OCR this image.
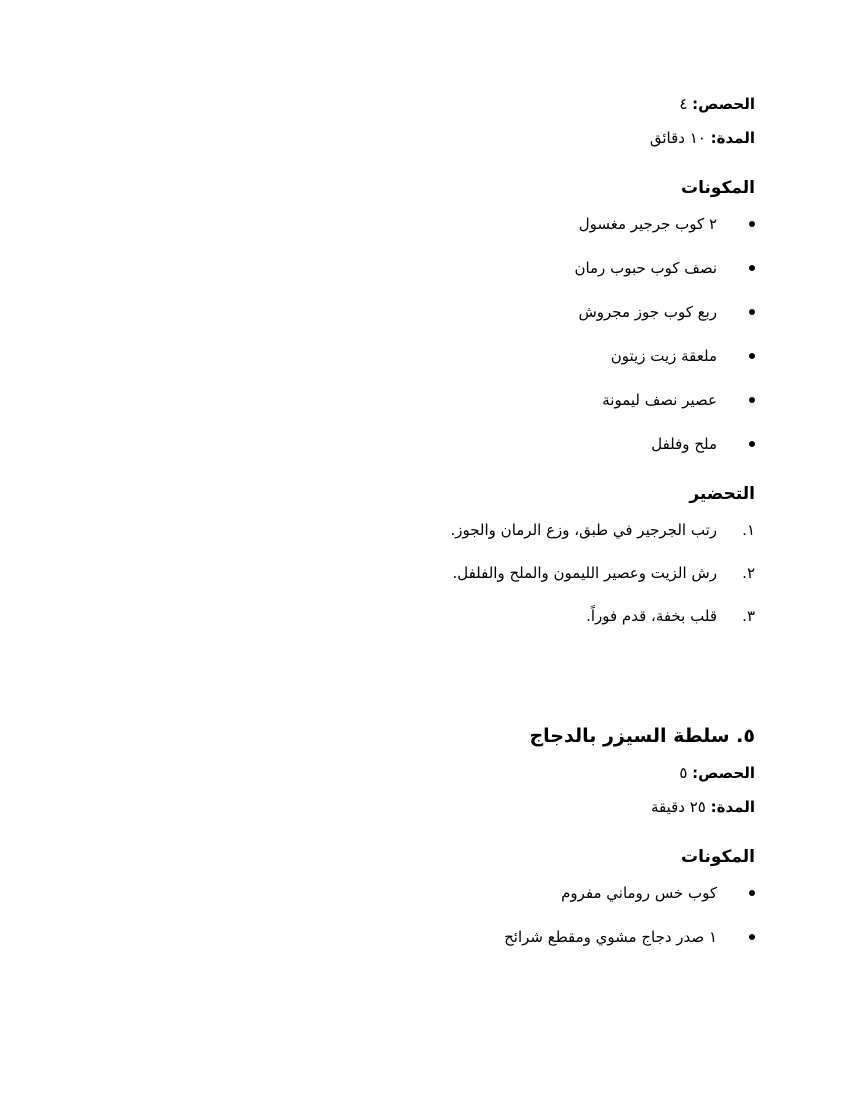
الحصص: ٤
المدة: ١٠ دقائق
المكونات
٢ كوب جرجير مغسول
نصف كوب حبوب رمان
ربع كوب جوز مجروش
ملعقة زيت زيتون
عصير نصف ليمونة
ملح وفلفل
التحضير
١.
رتب الجرجير في طبق، وزع الرمان والجوز.
٢.
رش الزيت وعصير الليمون والملح والفلفل.
٣.
قلب بخفة، قدم فوراً.
٥. سلطة السيزر بالدجاج
الحصص: ٥
المدة: ٢٥ دقيقة
المكونات
كوب خس روماني مفروم
١ صدر دجاج مشوي ومقطع شرائح
